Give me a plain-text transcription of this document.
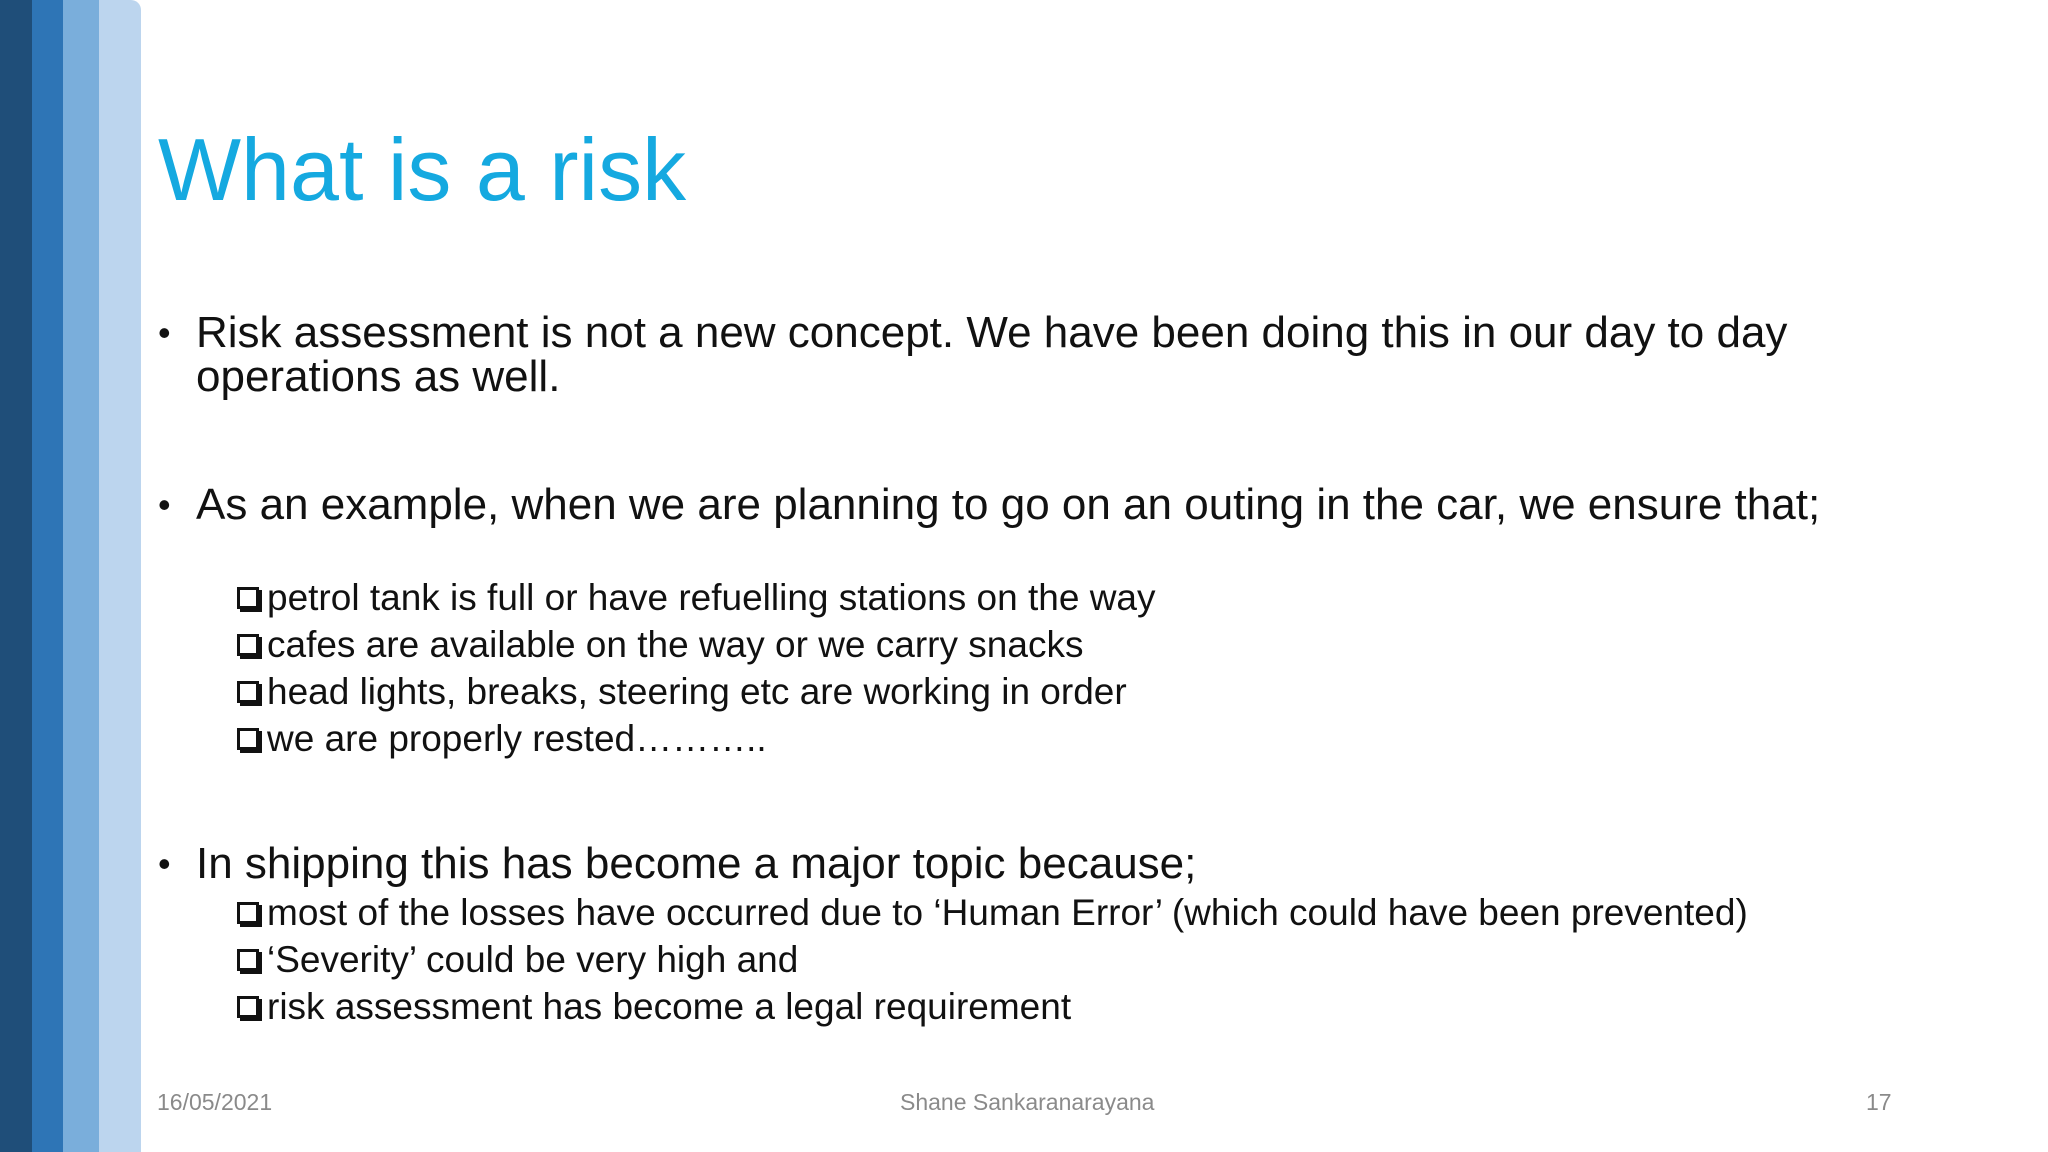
What is a risk
• Risk assessment is not a new concept. We have been doing this in our day to day operations as well.
• As an example, when we are planning to go on an outing in the car, we ensure that;
petrol tank is full or have refuelling stations on the way
cafes are available on the way or we carry snacks
head lights, breaks, steering etc are working in order
we are properly rested………..
• In shipping this has become a major topic because;
most of the losses have occurred due to ‘Human Error’ (which could have been prevented)
‘Severity’ could be very high and
risk assessment has become a legal requirement
16/05/2021	Shane Sankaranarayana	17
